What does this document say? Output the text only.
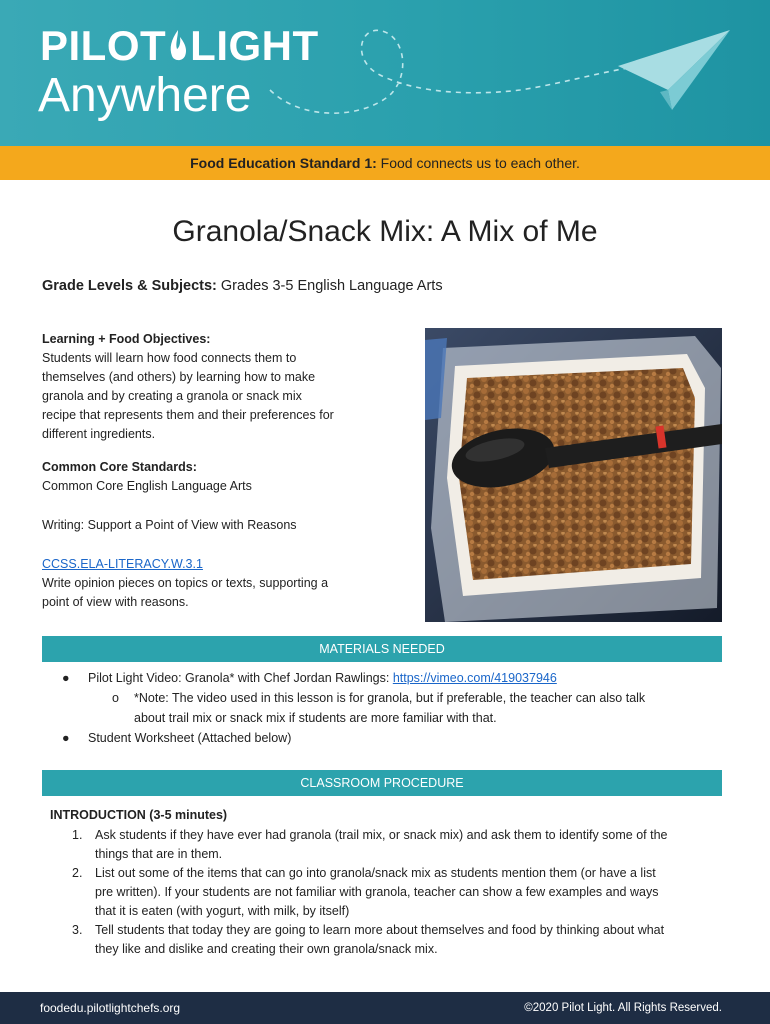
PILOT LIGHT
Anywhere
Food Education Standard 1: Food connects us to each other.
Granola/Snack Mix: A Mix of Me
Grade Levels & Subjects: Grades 3-5 English Language Arts

Learning + Food Objectives:

Students will learn how food connects them to

themselves (and others) by learning how to make

granola and by creating a granola or snack mix

recipe that represents them and their preferences for

different ingredients.

Common Core Standards:

Common Core English Language Arts

Writing: Support a Point of View with Reasons

CCSS.ELA-LITERACY.W.3.1

Write opinion pieces on topics or texts, supporting a

point of view with reasons.

MATERIALS NEEDED
● Pilot Light Video: Granola* with Chef Jordan Rawlings: https://vimeo.com/419037946
o *Note: The video used in this lesson is for granola, but if preferable, the teacher can also talk
about trail mix or snack mix if students are more familiar with that.
● Student Worksheet (Attached below)
CLASSROOM PROCEDURE
INTRODUCTION (3-5 minutes)
1. Ask students if they have ever had granola (trail mix, or snack mix) and ask them to identify some of the
things that are in them.
2. List out some of the items that can go into granola/snack mix as students mention them (or have a list
pre written). If your students are not familiar with granola, teacher can show a few examples and ways
that it is eaten (with yogurt, with milk, by itself)
3. Tell students that today they are going to learn more about themselves and food by thinking about what
they like and dislike and creating their own granola/snack mix.
foodedu.pilotlightchefs.org	©2020 Pilot Light. All Rights Reserved.
